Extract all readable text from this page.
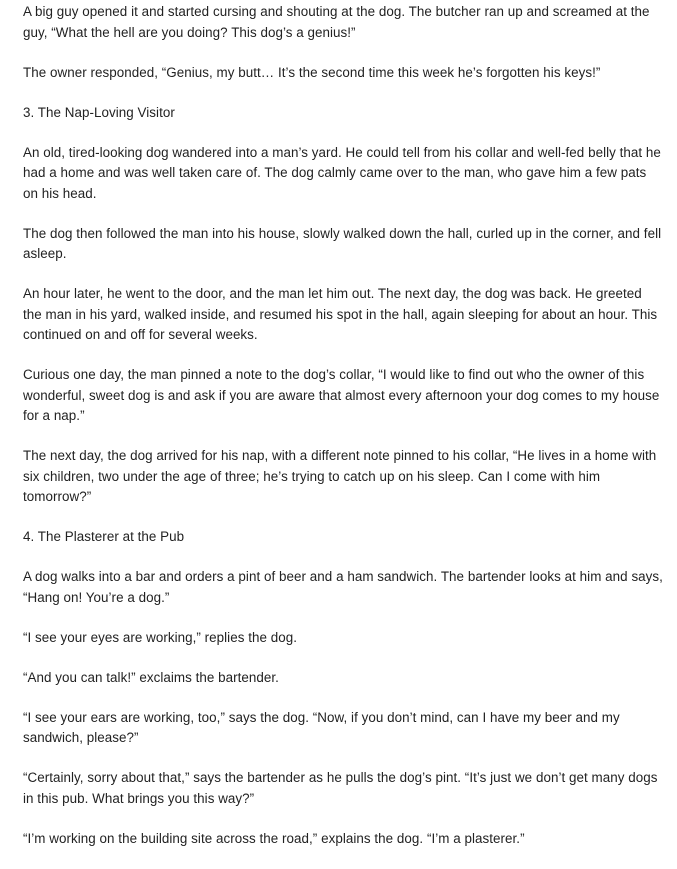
A big guy opened it and started cursing and shouting at the dog. The butcher ran up and screamed at the guy, “What the hell are you doing? This dog’s a genius!”

The owner responded, “Genius, my butt… It’s the second time this week he’s forgotten his keys!”

3. The Nap-Loving Visitor

An old, tired-looking dog wandered into a man’s yard. He could tell from his collar and well-fed belly that he had a home and was well taken care of. The dog calmly came over to the man, who gave him a few pats on his head.

The dog then followed the man into his house, slowly walked down the hall, curled up in the corner, and fell asleep.

An hour later, he went to the door, and the man let him out. The next day, the dog was back. He greeted the man in his yard, walked inside, and resumed his spot in the hall, again sleeping for about an hour. This continued on and off for several weeks.

Curious one day, the man pinned a note to the dog’s collar, “I would like to find out who the owner of this wonderful, sweet dog is and ask if you are aware that almost every afternoon your dog comes to my house for a nap.”

The next day, the dog arrived for his nap, with a different note pinned to his collar, “He lives in a home with six children, two under the age of three; he’s trying to catch up on his sleep. Can I come with him tomorrow?”

4. The Plasterer at the Pub

A dog walks into a bar and orders a pint of beer and a ham sandwich. The bartender looks at him and says, “Hang on! You’re a dog.”

“I see your eyes are working,” replies the dog.

“And you can talk!” exclaims the bartender.

“I see your ears are working, too,” says the dog. “Now, if you don’t mind, can I have my beer and my sandwich, please?”

“Certainly, sorry about that,” says the bartender as he pulls the dog’s pint. “It’s just we don’t get many dogs in this pub. What brings you this way?”

“I’m working on the building site across the road,” explains the dog. “I’m a plasterer.”
